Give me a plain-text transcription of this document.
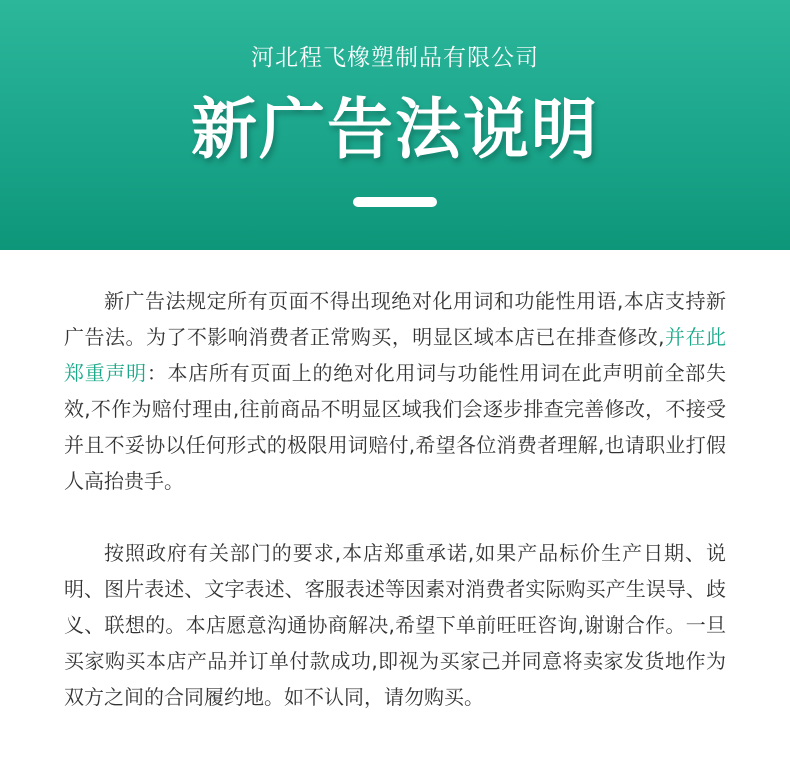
河北程飞橡塑制品有限公司
新广告法说明

新广告法规定所有页面不得出现绝对化用词和功能性用语,本店支持新广告法。为了不影响消费者正常购买，明显区域本店已在排查修改,并在此郑重声明：本店所有页面上的绝对化用词与功能性用词在此声明前全部失效,不作为赔付理由,往前商品不明显区域我们会逐步排查完善修改，不接受并且不妥协以任何形式的极限用词赔付,希望各位消费者理解,也请职业打假人高抬贵手。

按照政府有关部门的要求,本店郑重承诺,如果产品标价生产日期、说明、图片表述、文字表述、客服表述等因素对消费者实际购买产生误导、歧义、联想的。本店愿意沟通协商解决,希望下单前旺旺咨询,谢谢合作。一旦买家购买本店产品并订单付款成功,即视为买家己并同意将卖家发货地作为双方之间的合同履约地。如不认同，请勿购买。
